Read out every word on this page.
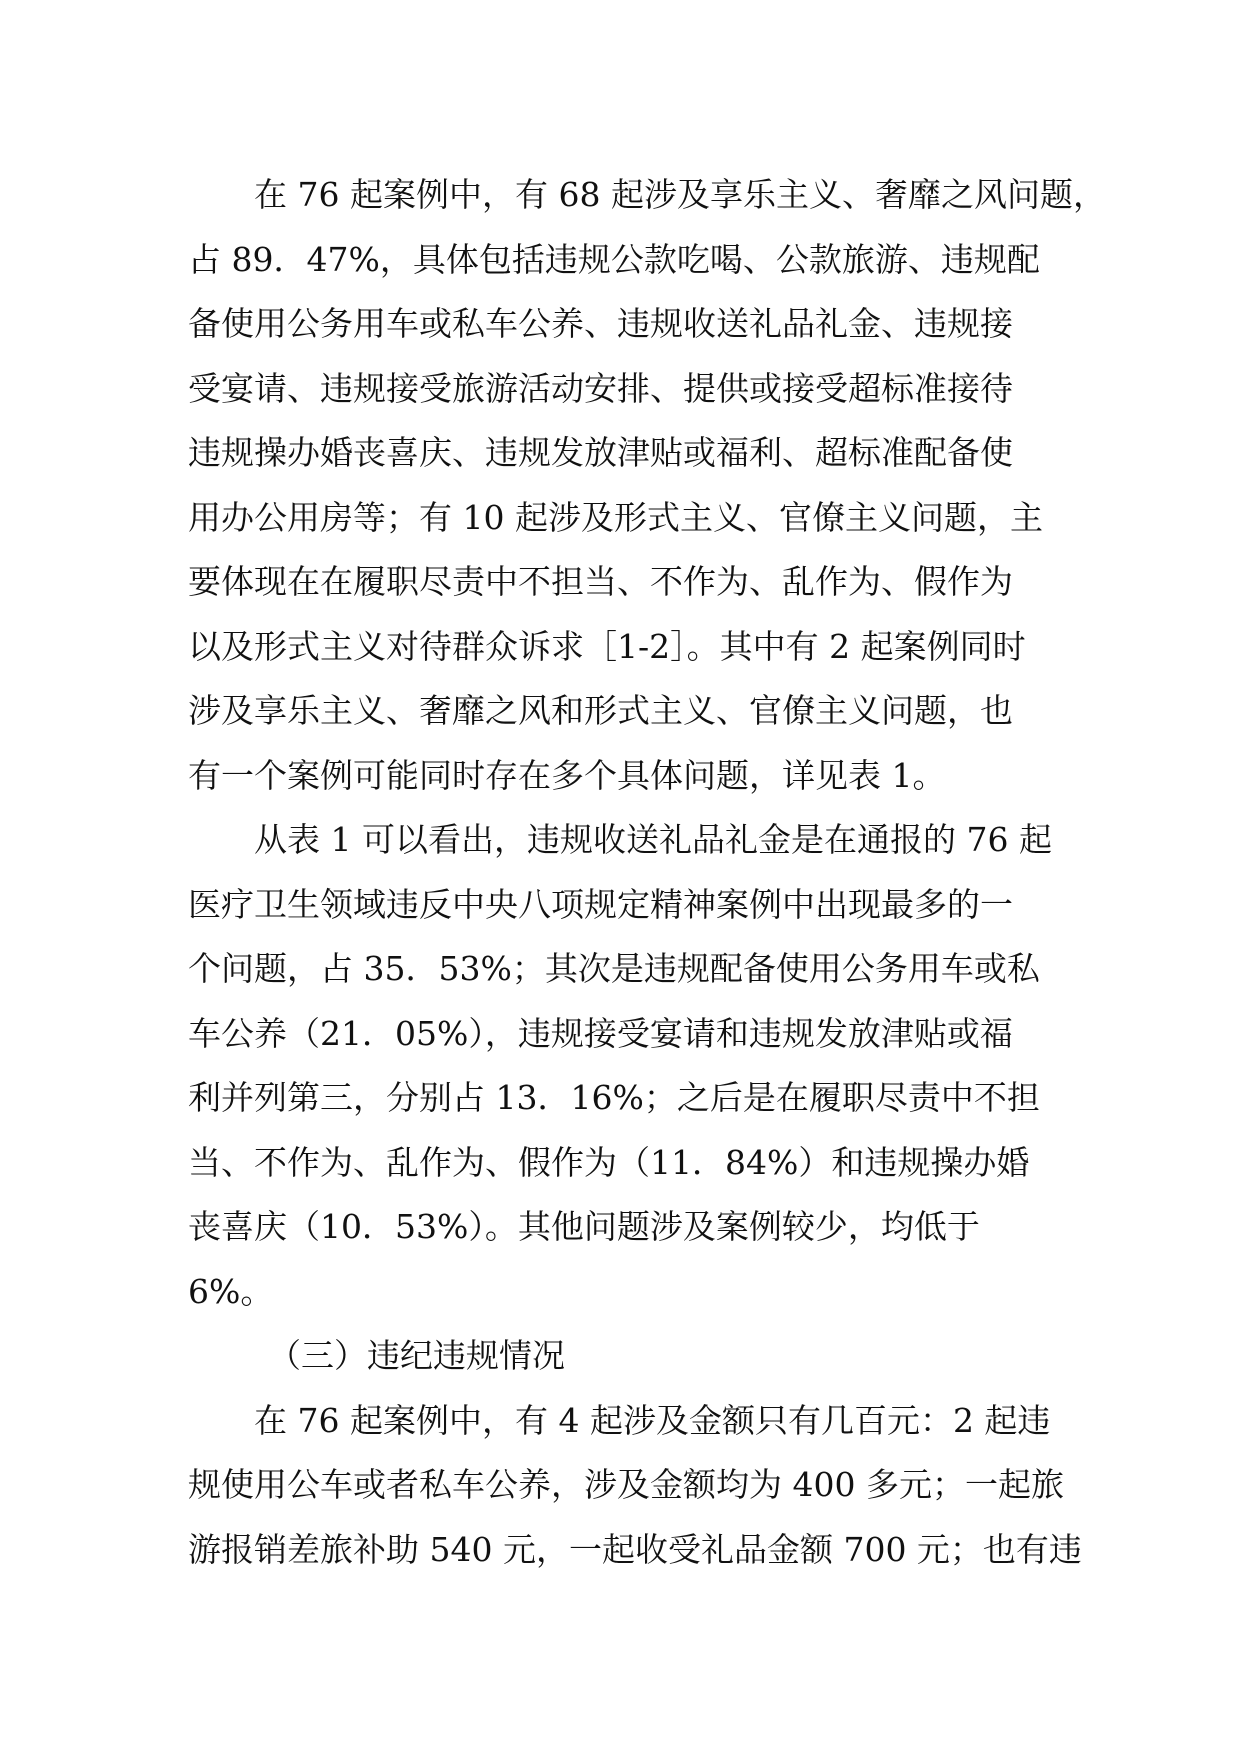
在 76 起案例中，有 68 起涉及享乐主义、奢靡之风问题，
占 89．47%，具体包括违规公款吃喝、公款旅游、违规配
备使用公务用车或私车公养、违规收送礼品礼金、违规接
受宴请、违规接受旅游活动安排、提供或接受超标准接待
违规操办婚丧喜庆、违规发放津贴或福利、超标准配备使
用办公用房等；有 10 起涉及形式主义、官僚主义问题，主
要体现在在履职尽责中不担当、不作为、乱作为、假作为
以及形式主义对待群众诉求［1-2］。其中有 2 起案例同时
涉及享乐主义、奢靡之风和形式主义、官僚主义问题，也
有一个案例可能同时存在多个具体问题，详见表 1。
从表 1 可以看出，违规收送礼品礼金是在通报的 76 起
医疗卫生领域违反中央八项规定精神案例中出现最多的一
个问题，占 35．53%；其次是违规配备使用公务用车或私
车公养（21．05%），违规接受宴请和违规发放津贴或福
利并列第三，分别占 13．16%；之后是在履职尽责中不担
当、不作为、乱作为、假作为（11．84%）和违规操办婚
丧喜庆（10．53%）。其他问题涉及案例较少，均低于
6%。
（三）违纪违规情况
在 76 起案例中，有 4 起涉及金额只有几百元：2 起违
规使用公车或者私车公养，涉及金额均为 400 多元；一起旅
游报销差旅补助 540 元，一起收受礼品金额 700 元；也有违
